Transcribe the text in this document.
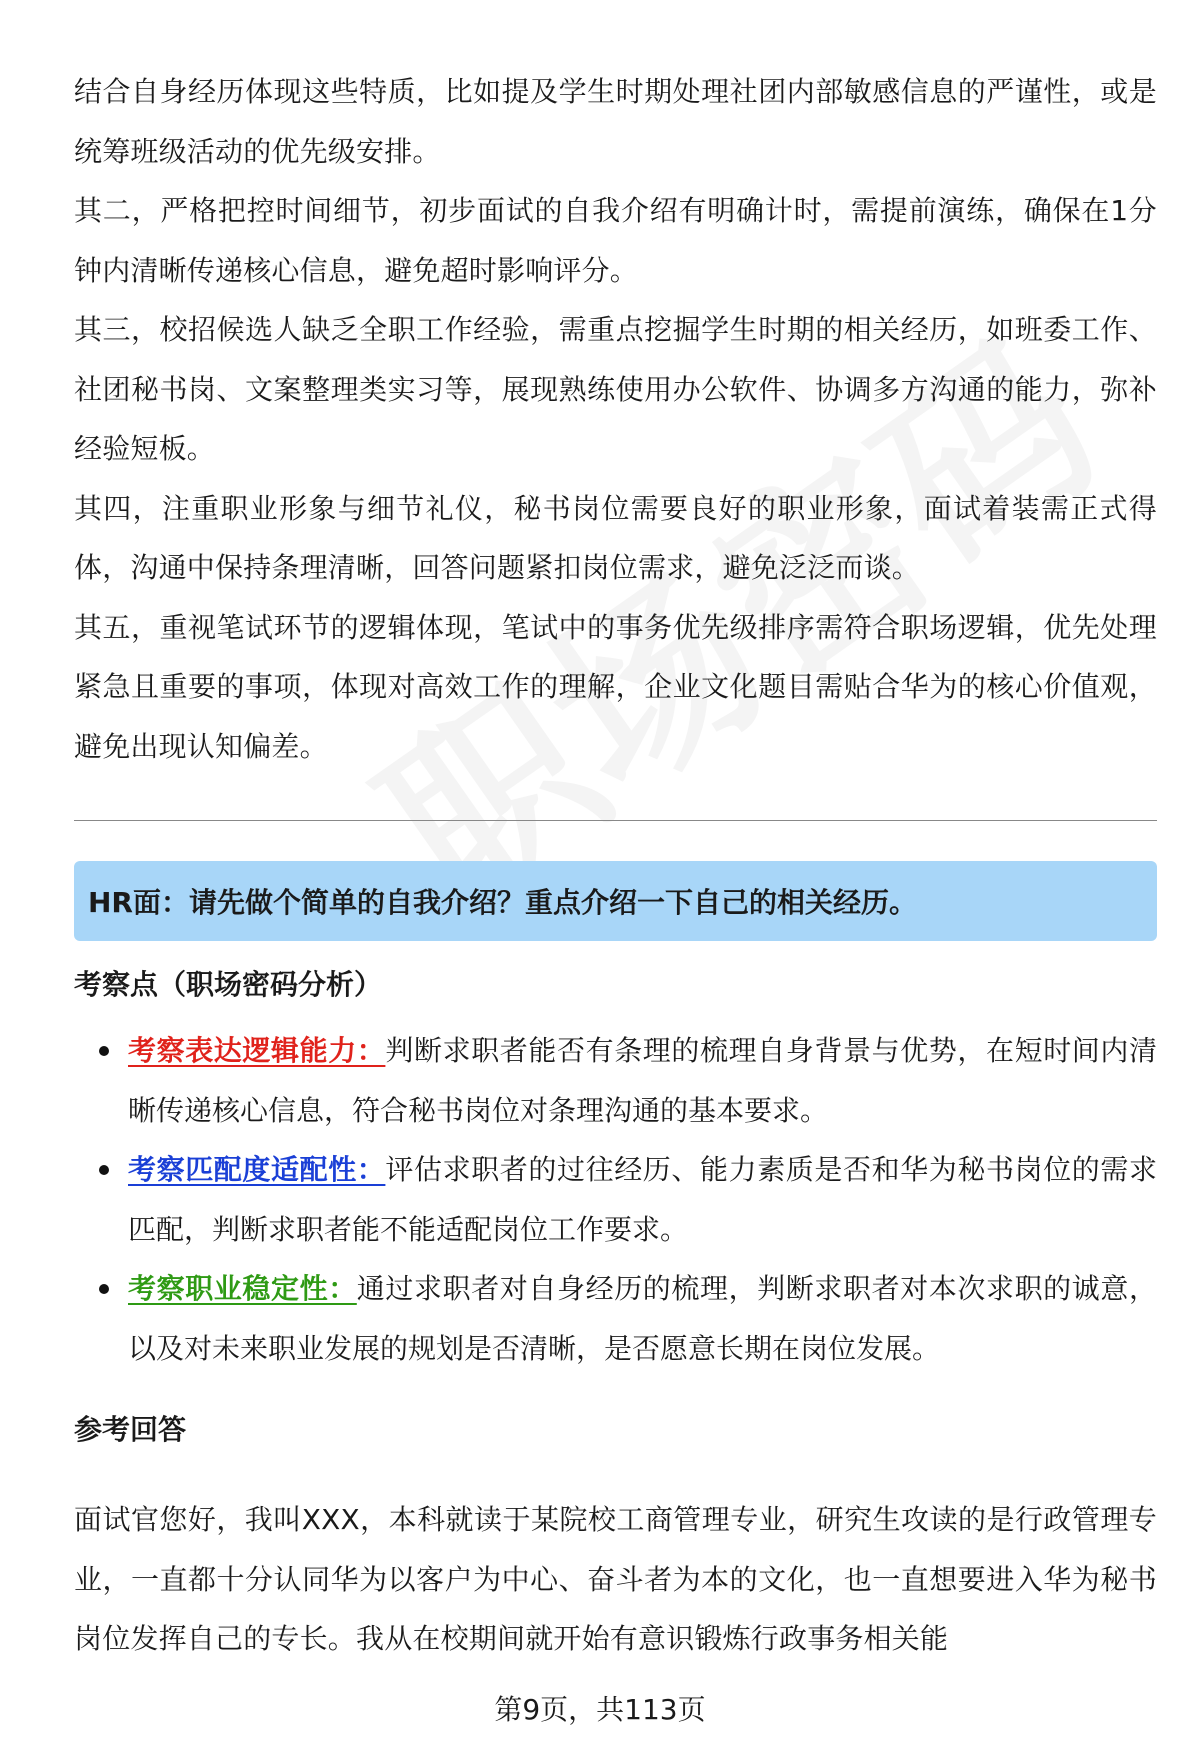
结合自身经历体现这些特质，比如提及学生时期处理社团内部敏感信息的严谨性，或是统筹班级活动的优先级安排。

其二，严格把控时间细节，初步面试的自我介绍有明确计时，需提前演练，确保在1分钟内清晰传递核心信息，避免超时影响评分。

其三，校招候选人缺乏全职工作经验，需重点挖掘学生时期的相关经历，如班委工作、社团秘书岗、文案整理类实习等，展现熟练使用办公软件、协调多方沟通的能力，弥补经验短板。

其四，注重职业形象与细节礼仪，秘书岗位需要良好的职业形象，面试着装需正式得体，沟通中保持条理清晰，回答问题紧扣岗位需求，避免泛泛而谈。

其五，重视笔试环节的逻辑体现，笔试中的事务优先级排序需符合职场逻辑，优先处理紧急且重要的事项，体现对高效工作的理解，企业文化题目需贴合华为的核心价值观，避免出现认知偏差。

HR面：请先做个简单的自我介绍？重点介绍一下自己的相关经历。
考察点（职场密码分析）
考察表达逻辑能力：判断求职者能否有条理的梳理自身背景与优势，在短时间内清晰传递核心信息，符合秘书岗位对条理沟通的基本要求。
考察匹配度适配性：评估求职者的过往经历、能力素质是否和华为秘书岗位的需求匹配，判断求职者能不能适配岗位工作要求。
考察职业稳定性：通过求职者对自身经历的梳理，判断求职者对本次求职的诚意，以及对未来职业发展的规划是否清晰，是否愿意长期在岗位发展。
参考回答

面试官您好，我叫XXX，本科就读于某院校工商管理专业，研究生攻读的是行政管理专业，一直都十分认同华为以客户为中心、奋斗者为本的文化，也一直想要进入华为秘书岗位发挥自己的专长。我从在校期间就开始有意识锻炼行政事务相关能

第9页，共113页
